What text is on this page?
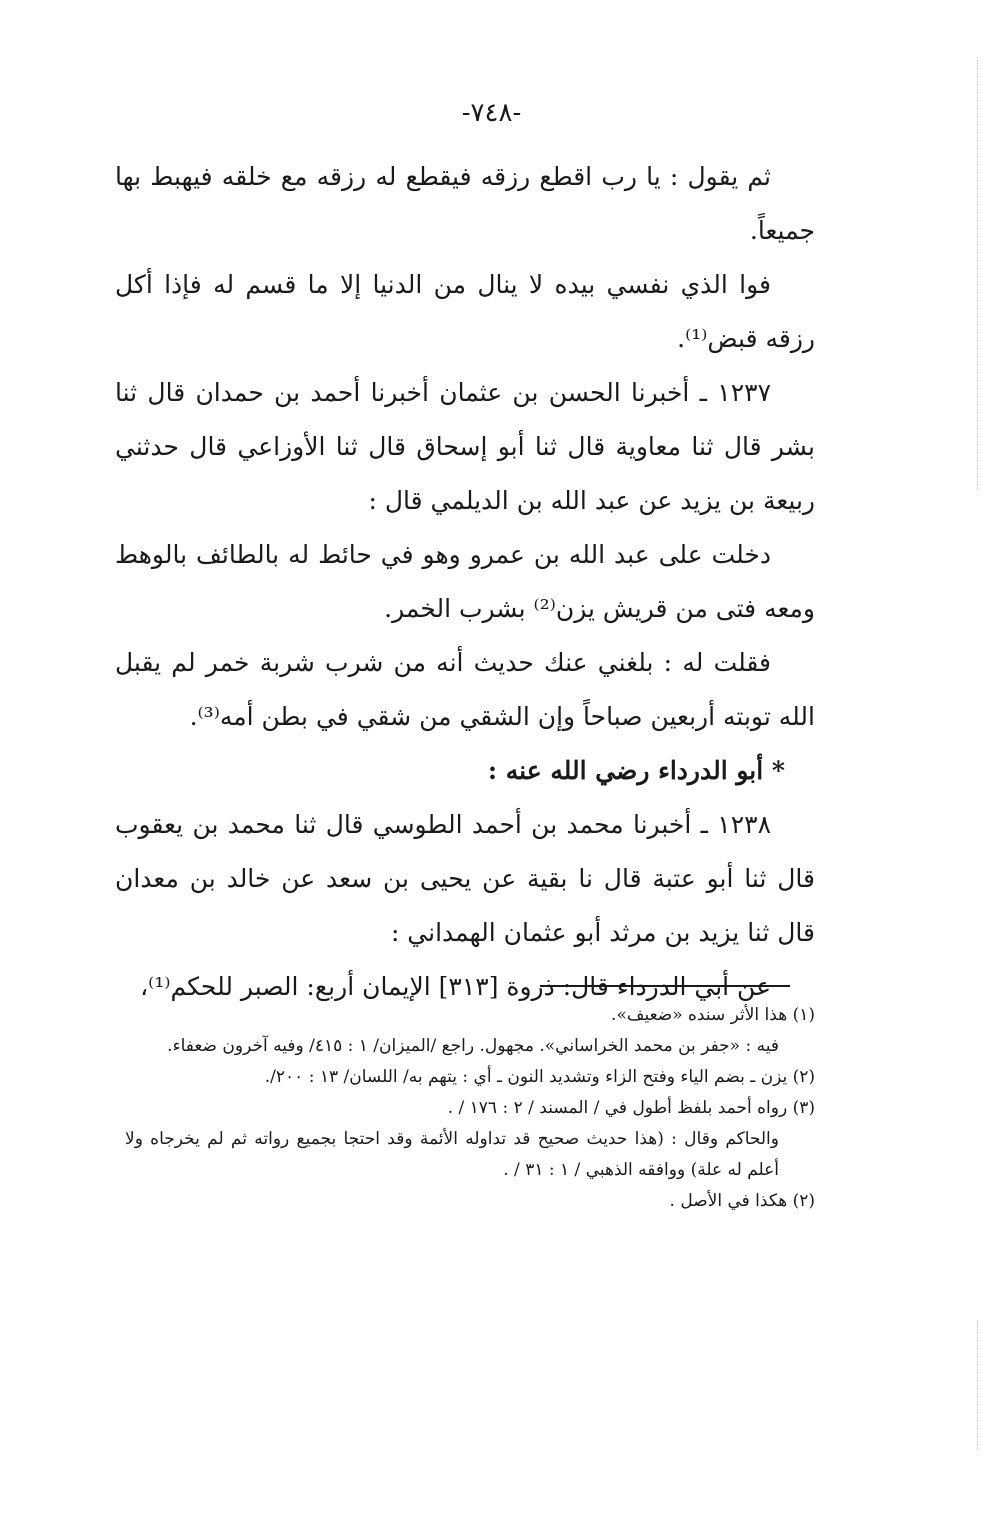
-٧٤٨-

ثم يقول : يا رب اقطع رزقه فيقطع له رزقه مع خلقه فيهبط بها جميعاً.

فوا الذي نفسي بيده لا ينال من الدنيا إلا ما قسم له فإذا أكل رزقه قبض⁽¹⁾.

١٢٣٧ ـ أخبرنا الحسن بن عثمان أخبرنا أحمد بن حمدان قال ثنا بشر قال ثنا معاوية قال ثنا أبو إسحاق قال ثنا الأوزاعي قال حدثني ربيعة بن يزيد عن عبد الله بن الديلمي قال :

دخلت على عبد الله بن عمرو وهو في حائط له بالطائف بالوهط ومعه فتى من قريش يزن⁽²⁾ بشرب الخمر.

فقلت له : بلغني عنك حديث أنه من شرب شربة خمر لم يقبل الله توبته أربعين صباحاً وإن الشقي من شقي في بطن أمه⁽³⁾.

* أبو الدرداء رضي الله عنه :

١٢٣٨ ـ أخبرنا محمد بن أحمد الطوسي قال ثنا محمد بن يعقوب قال ثنا أبو عتبة قال نا بقية عن يحيى بن سعد عن خالد بن معدان قال ثنا يزيد بن مرثد أبو عثمان الهمداني :

عن أبي الدرداء قال: ذروة [٣١٣] الإيمان أربع: الصبر للحكم⁽¹⁾،

(١) هذا الأثر سنده «ضعيف».

فيه : «جفر بن محمد الخراساني». مجهول. راجع /الميزان/ ١ : ٤١٥/ وفيه آخرون ضعفاء.

(٢) يزن ـ بضم الياء وفتح الزاء وتشديد النون ـ أي : يتهم به/ اللسان/ ١٣ : ٢٠٠/.

(٣) رواه أحمد بلفظ أطول في / المسند / ٢ : ١٧٦ / .

والحاكم وقال : (هذا حديث صحيح قد تداوله الأئمة وقد احتجا بجميع رواته ثم لم يخرجاه ولا أعلم له علة) ووافقه الذهبي / ١ : ٣١ / .

(٢) هكذا في الأصل .
